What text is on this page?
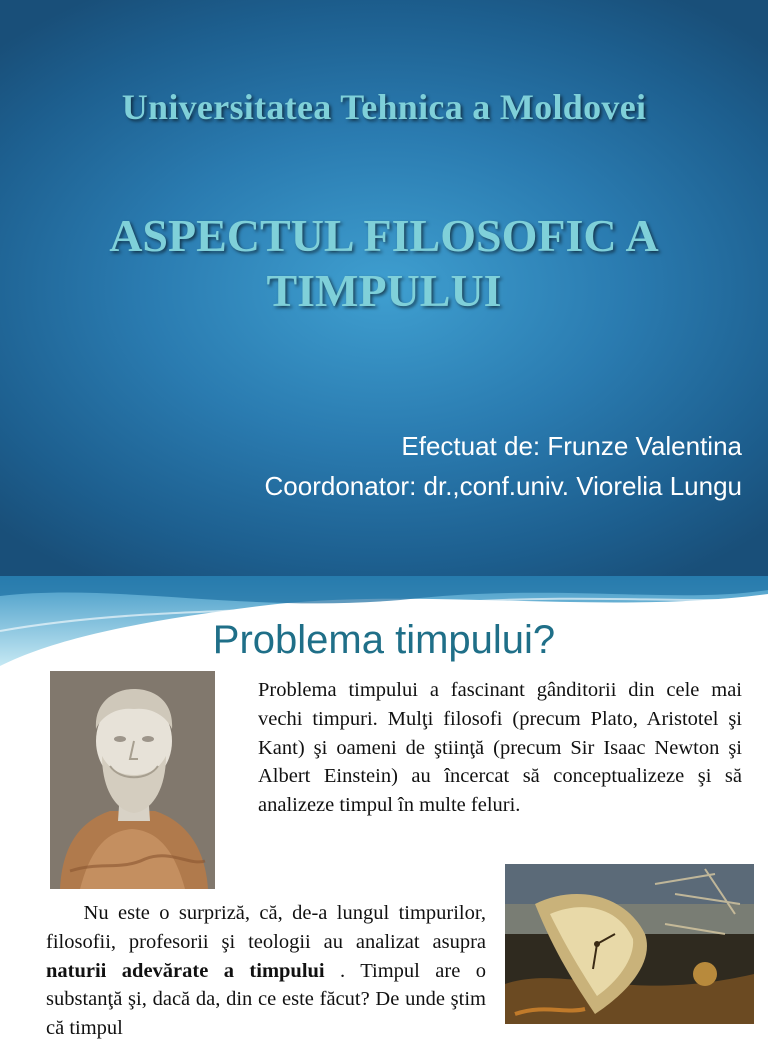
Universitatea Tehnica a Moldovei
ASPECTUL FILOSOFIC A
TIMPULUI
Efectuat de: Frunze Valentina
Coordonator: dr.,conf.univ. Viorelia Lungu
Problema timpului?

Problema timpului a fascinant gânditorii din cele mai vechi timpuri. Mulţi filosofi (precum Plato, Aristotel şi Kant) şi oameni de ştiinţă (precum Sir Isaac Newton şi Albert Einstein) au încercat să conceptualizeze şi să analizeze timpul în multe feluri.

Nu este o surpriză, că, de-a lungul timpurilor, filosofii, profesorii şi teologii au analizat asupra naturii adevărate a timpului . Timpul are o substanţă şi, dacă da, din ce este făcut? De unde ştim că timpul
